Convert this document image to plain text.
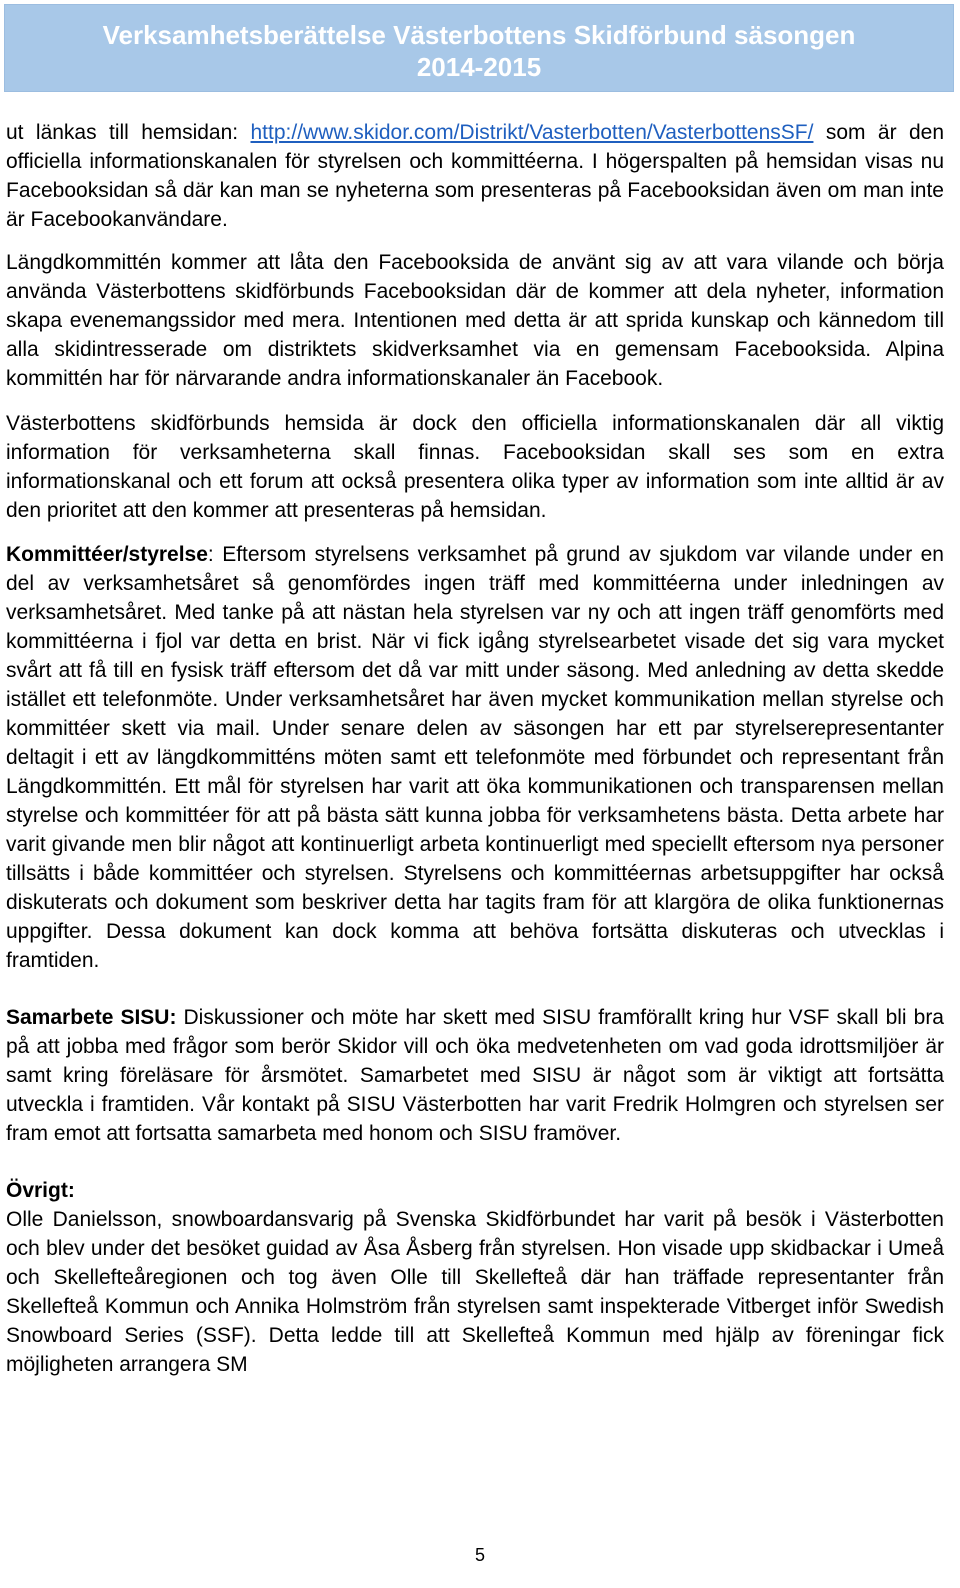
Verksamhetsberättelse Västerbottens Skidförbund säsongen
2014-2015

ut länkas till hemsidan: http://www.skidor.com/Distrikt/Vasterbotten/VasterbottensSF/ som är den officiella informationskanalen för styrelsen och kommittéerna. I högerspalten på hemsidan visas nu Facebooksidan så där kan man se nyheterna som presenteras på Facebooksidan även om man inte är Facebookanvändare.

Längdkommittén kommer att låta den Facebooksida de använt sig av att vara vilande och börja använda Västerbottens skidförbunds Facebooksidan där de kommer att dela nyheter, information skapa evenemangssidor med mera. Intentionen med detta är att sprida kunskap och kännedom till alla skidintresserade om distriktets skidverksamhet via en gemensam Facebooksida. Alpina kommittén har för närvarande andra informationskanaler än Facebook.

Västerbottens skidförbunds hemsida är dock den officiella informationskanalen där all viktig information för verksamheterna skall finnas. Facebooksidan skall ses som en extra informationskanal och ett forum att också presentera olika typer av information som inte alltid är av den prioritet att den kommer att presenteras på hemsidan.

Kommittéer/styrelse: Eftersom styrelsens verksamhet på grund av sjukdom var vilande under en del av verksamhetsåret så genomfördes ingen träff med kommittéerna under inledningen av verksamhetsåret. Med tanke på att nästan hela styrelsen var ny och att ingen träff genomförts med kommittéerna i fjol var detta en brist. När vi fick igång styrelsearbetet visade det sig vara mycket svårt att få till en fysisk träff eftersom det då var mitt under säsong. Med anledning av detta skedde istället ett telefonmöte. Under verksamhetsåret har även mycket kommunikation mellan styrelse och kommittéer skett via mail. Under senare delen av säsongen har ett par styrelserepresentanter deltagit i ett av längdkommitténs möten samt ett telefonmöte med förbundet och representant från Längdkommittén. Ett mål för styrelsen har varit att öka kommunikationen och transparensen mellan styrelse och kommittéer för att på bästa sätt kunna jobba för verksamhetens bästa. Detta arbete har varit givande men blir något att kontinuerligt arbeta kontinuerligt med speciellt eftersom nya personer tillsätts i både kommittéer och styrelsen. Styrelsens och kommittéernas arbetsuppgifter har också diskuterats och dokument som beskriver detta har tagits fram för att klargöra de olika funktionernas uppgifter. Dessa dokument kan dock komma att behöva fortsätta diskuteras och utvecklas i framtiden.

Samarbete SISU: Diskussioner och möte har skett med SISU framförallt kring hur VSF skall bli bra på att jobba med frågor som berör Skidor vill och öka medvetenheten om vad goda idrottsmiljöer är samt kring föreläsare för årsmötet. Samarbetet med SISU är något som är viktigt att fortsätta utveckla i framtiden. Vår kontakt på SISU Västerbotten har varit Fredrik Holmgren och styrelsen ser fram emot att fortsatta samarbeta med honom och SISU framöver.

Övrigt:

Olle Danielsson, snowboardansvarig på Svenska Skidförbundet har varit på besök i Västerbotten och blev under det besöket guidad av Åsa Åsberg från styrelsen. Hon visade upp skidbackar i Umeå och Skellefteåregionen och tog även Olle till Skellefteå där han träffade representanter från Skellefteå Kommun och Annika Holmström från styrelsen samt inspekterade Vitberget inför Swedish Snowboard Series (SSF). Detta ledde till att Skellefteå Kommun med hjälp av föreningar fick möjligheten arrangera SM

5
